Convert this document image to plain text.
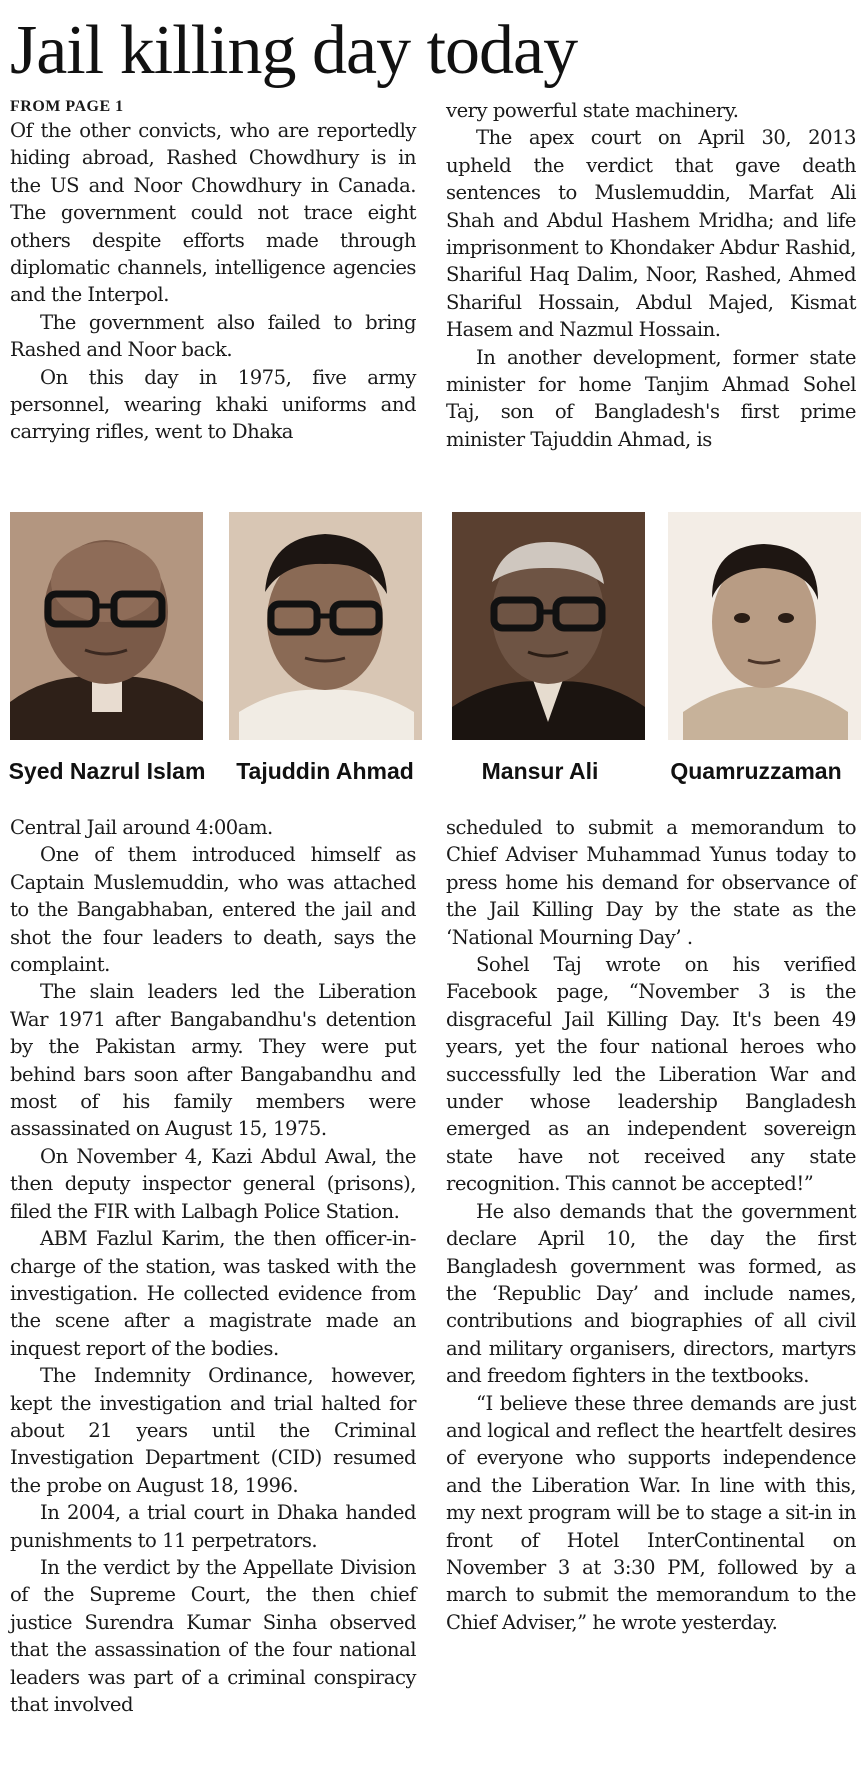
Jail killing day today
FROM PAGE 1

Of the other convicts, who are reportedly hiding abroad, Rashed Chowdhury is in the US and Noor Chowdhury in Canada. The government could not trace eight others despite efforts made through diplomatic channels, intelligence agencies and the Interpol.

The government also failed to bring Rashed and Noor back.

On this day in 1975, five army personnel, wearing khaki uniforms and carrying rifles, went to Dhaka

very powerful state machinery.

The apex court on April 30, 2013 upheld the verdict that gave death sentences to Muslemuddin, Marfat Ali Shah and Abdul Hashem Mridha; and life imprisonment to Khondaker Abdur Rashid, Shariful Haq Dalim, Noor, Rashed, Ahmed Shariful Hossain, Abdul Majed, Kismat Hasem and Nazmul Hossain.

In another development, former state minister for home Tanjim Ahmad Sohel Taj, son of Bangladesh's first prime minister Tajuddin Ahmad, is

Syed Nazrul Islam	Tajuddin Ahmad	Mansur Ali	Quamruzzaman

Central Jail around 4:00am.

One of them introduced himself as Captain Muslemuddin, who was attached to the Bangabhaban, entered the jail and shot the four leaders to death, says the complaint.

The slain leaders led the Liberation War 1971 after Bangabandhu's detention by the Pakistan army. They were put behind bars soon after Bangabandhu and most of his family members were assassinated on August 15, 1975.

On November 4, Kazi Abdul Awal, the then deputy inspector general (prisons), filed the FIR with Lalbagh Police Station.

ABM Fazlul Karim, the then officer-in-charge of the station, was tasked with the investigation. He collected evidence from the scene after a magistrate made an inquest report of the bodies.

The Indemnity Ordinance, however, kept the investigation and trial halted for about 21 years until the Criminal Investigation Department (CID) resumed the probe on August 18, 1996.

In 2004, a trial court in Dhaka handed punishments to 11 perpetrators.

In the verdict by the Appellate Division of the Supreme Court, the then chief justice Surendra Kumar Sinha observed that the assassination of the four national leaders was part of a criminal conspiracy that involved

scheduled to submit a memorandum to Chief Adviser Muhammad Yunus today to press home his demand for observance of the Jail Killing Day by the state as the ‘National Mourning Day’ .

Sohel Taj wrote on his verified Facebook page, “November 3 is the disgraceful Jail Killing Day. It's been 49 years, yet the four national heroes who successfully led the Liberation War and under whose leadership Bangladesh emerged as an independent sovereign state have not received any state recognition. This cannot be accepted!”

He also demands that the government declare April 10, the day the first Bangladesh government was formed, as the ‘Republic Day’ and include names, contributions and biographies of all civil and military organisers, directors, martyrs and freedom fighters in the textbooks.

“I believe these three demands are just and logical and reflect the heartfelt desires of everyone who supports independence and the Liberation War. In line with this, my next program will be to stage a sit-in in front of Hotel InterContinental on November 3 at 3:30 PM, followed by a march to submit the memorandum to the Chief Adviser,” he wrote yesterday.
